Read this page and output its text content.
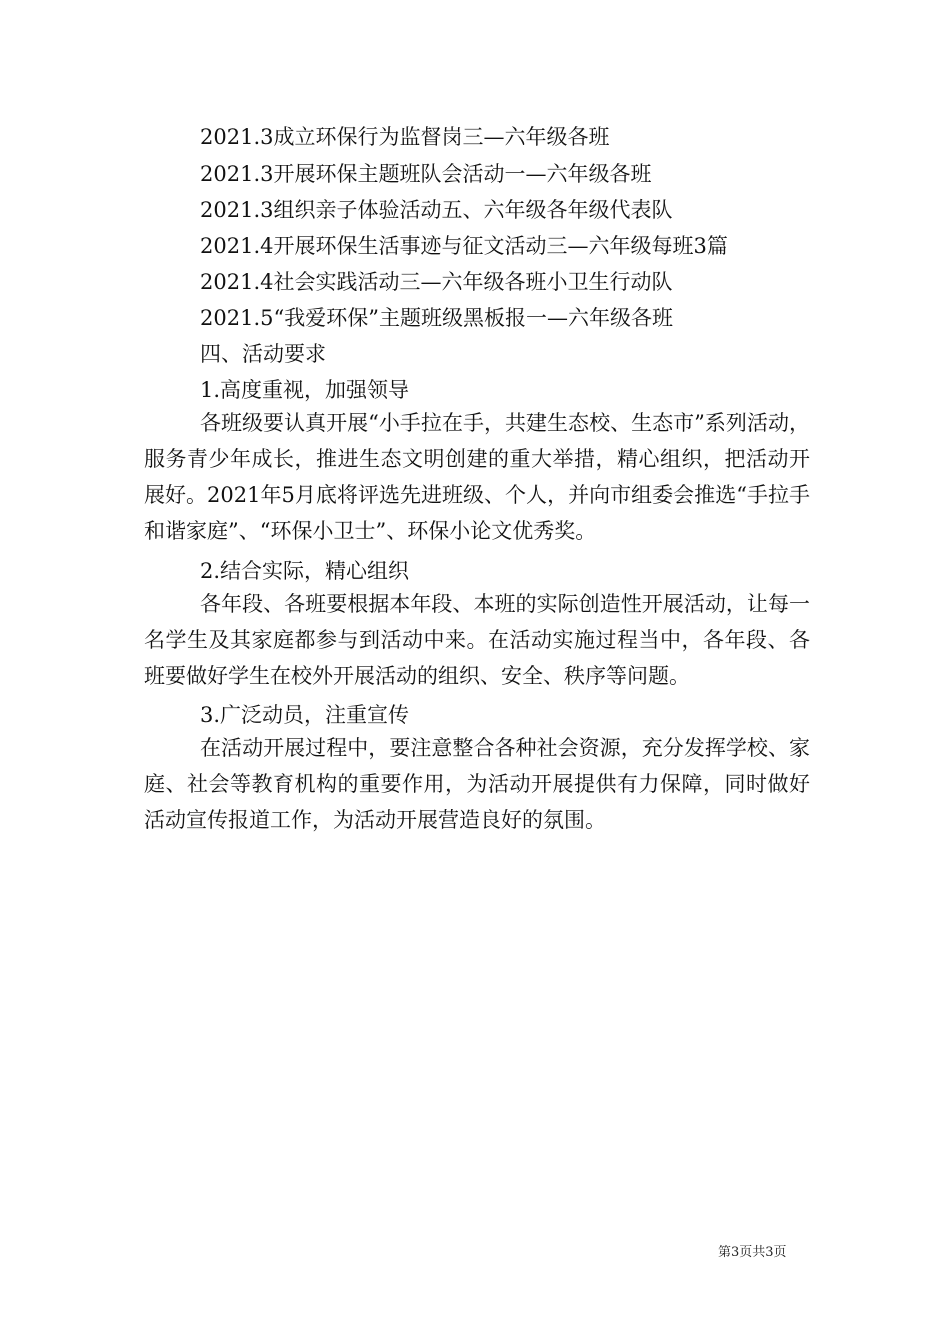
2021.3成立环保行为监督岗三—六年级各班
2021.3开展环保主题班队会活动一—六年级各班
2021.3组织亲子体验活动五、六年级各年级代表队
2021.4开展环保生活事迹与征文活动三—六年级每班3篇
2021.4社会实践活动三—六年级各班小卫生行动队
2021.5“我爱环保”主题班级黑板报一—六年级各班
四、活动要求
1.高度重视，加强领导
各班级要认真开展“小手拉在手，共建生态校、生态市”系列活动，服务青少年成长，推进生态文明创建的重大举措，精心组织，把活动开展好。2021年5月底将评选先进班级、个人，并向市组委会推选“手拉手和谐家庭”、“环保小卫士”、环保小论文优秀奖。
2.结合实际，精心组织
各年段、各班要根据本年段、本班的实际创造性开展活动，让每一名学生及其家庭都参与到活动中来。在活动实施过程当中，各年段、各班要做好学生在校外开展活动的组织、安全、秩序等问题。
3.广泛动员，注重宣传
在活动开展过程中，要注意整合各种社会资源，充分发挥学校、家庭、社会等教育机构的重要作用，为活动开展提供有力保障，同时做好活动宣传报道工作，为活动开展营造良好的氛围。
第3页共3页
